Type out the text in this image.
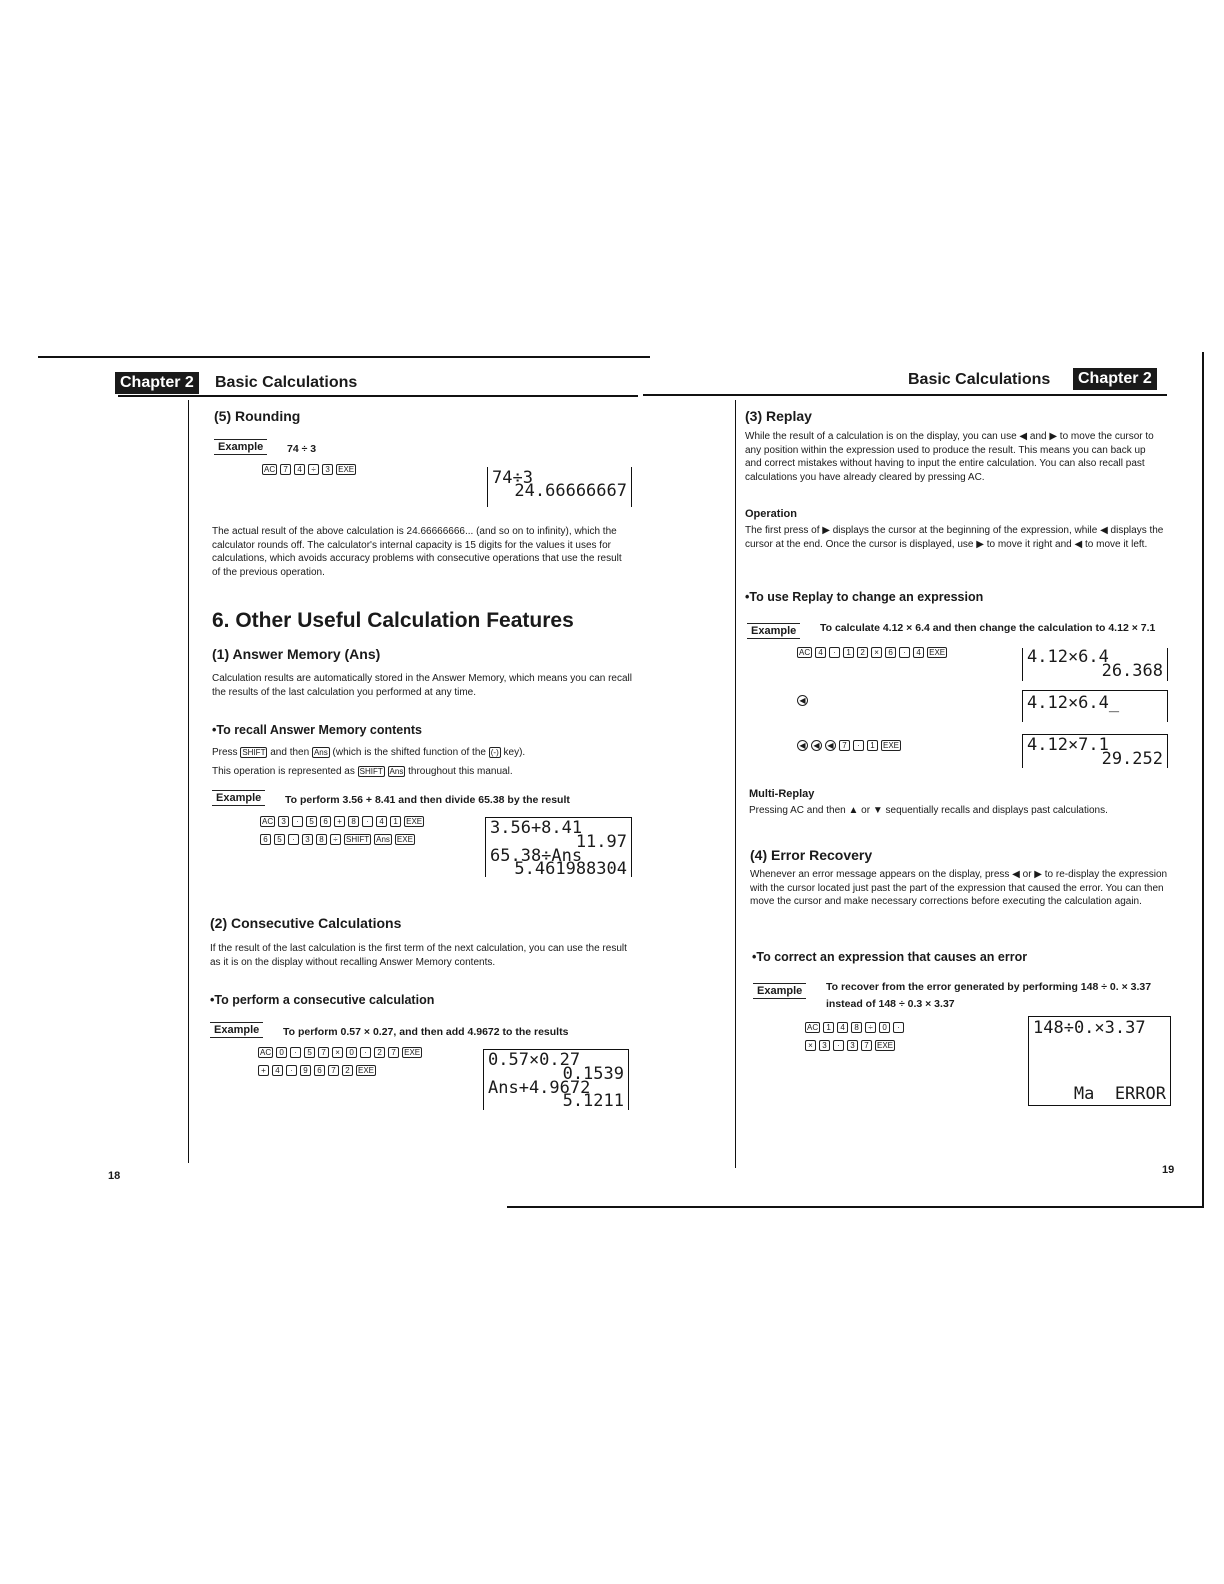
Chapter 2	Basic Calculations
(5) Rounding
Example	74 ÷ 3
AC	7	4	÷	3	EXE	74÷3
24.66666667
The actual result of the above calculation is 24.66666666... (and so on to infinity), which the calculator rounds off. The calculator's internal capacity is 15 digits for the values it uses for calculations, which avoids accuracy problems with consecutive operations that use the result of the previous operation.
6. Other Useful Calculation Features
(1) Answer Memory (Ans)
Calculation results are automatically stored in the Answer Memory, which means you can recall the results of the last calculation you performed at any time.
•To recall Answer Memory contents
Press SHIFT and then Ans (which is the shifted function of the (-) key).
This operation is represented as SHIFT Ans throughout this manual.
Example	To perform 3.56 + 8.41 and then divide 65.38 by the result
AC	3	·	5	6	+	8	·	4	1	EXE
6	5	·	3	8	÷	SHIFT Ans EXE
3.56+8.41
11.97
65.38÷Ans
5.461988304
(2) Consecutive Calculations
If the result of the last calculation is the first term of the next calculation, you can use the result as it is on the display without recalling Answer Memory contents.
•To perform a consecutive calculation
Example	To perform 0.57 × 0.27, and then add 4.9672 to the results
AC	0	·	5	7	×	0	·	2	7	EXE
+	4	·	9	6	7	2	EXE
0.57×0.27
0.1539
Ans+4.9672
5.1211
18
Basic Calculations	Chapter 2
(3) Replay
While the result of a calculation is on the display, you can use ◀ and ▶ to move the cursor to any position within the expression used to produce the result. This means you can back up and correct mistakes without having to input the entire calculation. You can also recall past calculations you have already cleared by pressing AC.
Operation
The first press of ▶ displays the cursor at the beginning of the expression, while ◀ displays the cursor at the end. Once the cursor is displayed, use ▶ to move it right and ◀ to move it left.
•To use Replay to change an expression
Example	To calculate 4.12 × 6.4 and then change the calculation to 4.12 × 7.1
AC	4	·	1	2	×	6	·	4	EXE	4.12×6.4
26.368
◀	4.12×6.4_
◀ ◀ ◀	7	·	1	EXE	4.12×7.1
29.252
Multi-Replay
Pressing AC and then ▲ or ▼ sequentially recalls and displays past calculations.
(4) Error Recovery
Whenever an error message appears on the display, press ◀ or ▶ to re-display the expression with the cursor located just past the part of the expression that caused the error. You can then move the cursor and make necessary corrections before executing the calculation again.
•To correct an expression that causes an error
Example	To recover from the error generated by performing 148 ÷ 0. × 3.37
instead of 148 ÷ 0.3 × 3.37
AC	1	4	8	÷	0	·
×	3	·	3	7	EXE
148÷0.×3.37
Ma  ERROR
19
